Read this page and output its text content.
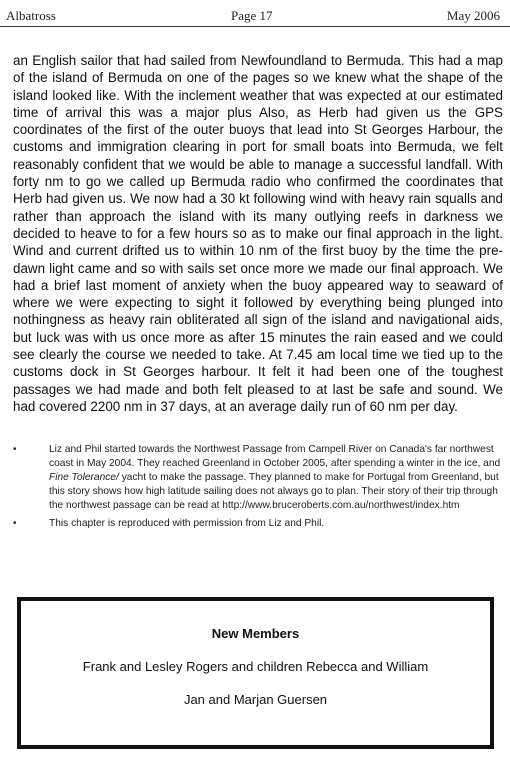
Albatross	Page 17	May 2006

an English sailor that had sailed from Newfoundland to Bermuda. This had a map of the island of Bermuda on one of the pages so we knew what the shape of the island looked like. With the inclement weather that was expected at our estimated time of arrival this was a major plus Also, as Herb had given us the GPS coordinates of the first of the outer buoys that lead into St Georges Harbour, the customs and immigration clearing in port for small boats into Bermuda, we felt reasonably confident that we would be able to manage a successful landfall. With forty nm to go we called up Bermuda radio who confirmed the coordinates that Herb had given us. We now had a 30 kt following wind with heavy rain squalls and rather than approach the island with its many outlying reefs in darkness we decided to heave to for a few hours so as to make our final approach in the light. Wind and current drifted us to within 10 nm of the first buoy by the time the pre-dawn light came and so with sails set once more we made our final approach. We had a brief last moment of anxiety when the buoy appeared way to seaward of where we were expecting to sight it followed by everything being plunged into nothingness as heavy rain obliterated all sign of the island and navigational aids, but luck was with us once more as after 15 minutes the rain eased and we could see clearly the course we needed to take. At 7.45 am local time we tied up to the customs dock in St Georges harbour. It felt it had been one of the toughest passages we had made and both felt pleased to at last be safe and sound. We had covered 2200 nm in 37 days, at an average daily run of 60 nm per day.

•	Liz and Phil started towards the Northwest Passage from Campell River on Canada's far northwest coast in May 2004. They reached Greenland in October 2005, after spending a winter in the ice, and Fine Tolerance/ yacht to make the passage. They planned to make for Portugal from Greenland, but this story shows how high latitude sailing does not always go to plan. Their story of their trip through the northwest passage can be read at http://www.bruceroberts.com.au/northwest/index.htm
•	This chapter is reproduced with permission from Liz and Phil.
New Members
Frank and Lesley Rogers and children Rebecca and William
Jan and Marjan Guersen
